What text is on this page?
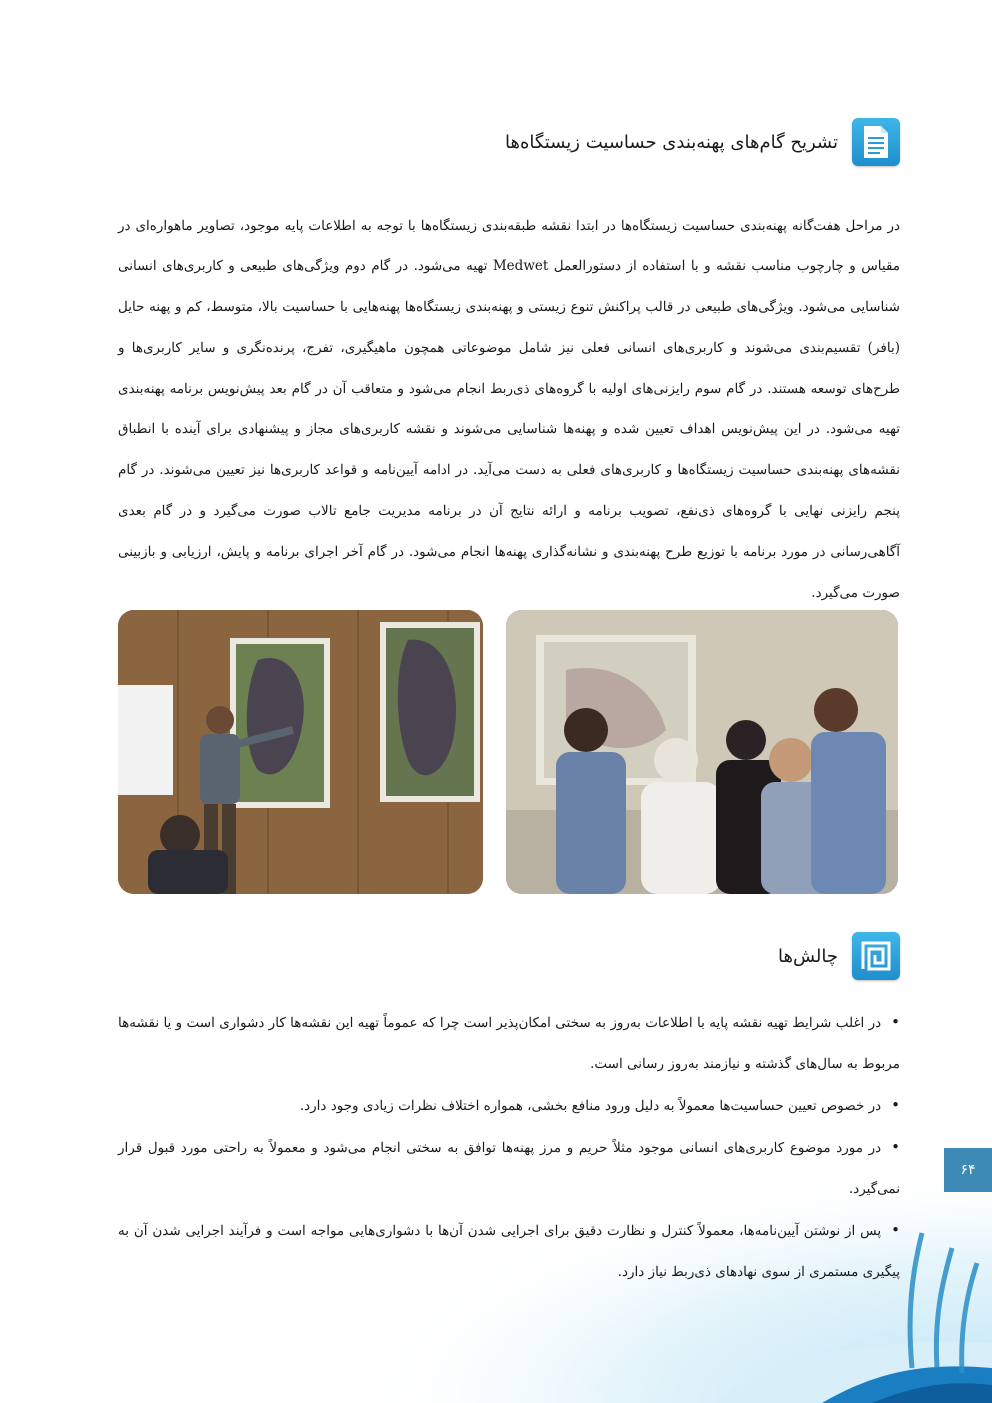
تشریح گام‌های پهنه‌بندی حساسیت زیستگاه‌ها

در مراحل هفت‌گانه پهنه‌بندی حساسیت زیستگاه‌ها در ابتدا نقشه طبقه‌بندی زیستگاه‌ها با توجه به اطلاعات پایه موجود، تصاویر ماهواره‌ای در مقیاس و چارچوب مناسب نقشه و با استفاده از دستورالعمل Medwet تهیه می‌شود. در گام دوم ویژگی‌های طبیعی و کاربری‌های انسانی شناسایی می‌شود. ویژگی‌های طبیعی در قالب پراکنش تنوع زیستی و پهنه‌بندی زیستگاه‌ها پهنه‌هایی با حساسیت بالا، متوسط، کم و پهنه حایل (بافر) تقسیم‌بندی می‌شوند و کاربری‌های انسانی فعلی نیز شامل موضوعاتی همچون ماهیگیری، تفرج، پرنده‌نگری و سایر کاربری‌ها و طرح‌های توسعه هستند. در گام سوم رایزنی‌های اولیه با گروه‌های ذی‌ربط انجام می‌شود و متعاقب آن در گام بعد پیش‌نویس برنامه پهنه‌بندی تهیه می‌شود. در این پیش‌نویس اهداف تعیین شده و پهنه‌ها شناسایی می‌شوند و نقشه کاربری‌های مجاز و پیشنهادی برای آینده با انطباق نقشه‌های پهنه‌بندی حساسیت زیستگاه‌ها و کاربری‌های فعلی به دست می‌آید. در ادامه آیین‌نامه و قواعد کاربری‌ها نیز تعیین می‌شوند. در گام پنجم رایزنی نهایی با گروه‌های ذی‌نفع، تصویب برنامه و ارائه نتایج آن در برنامه مدیریت جامع تالاب صورت می‌گیرد و در گام بعدی آگاهی‌رسانی در مورد برنامه با توزیع طرح پهنه‌بندی و نشانه‌گذاری پهنه‌ها انجام می‌شود. در گام آخر اجرای برنامه و پایش، ارزیابی و بازبینی صورت می‌گیرد.

چالش‌ها
• در اغلب شرایط تهیه نقشه پایه با اطلاعات به‌روز به سختی امکان‌پذیر است چرا که عموماً تهیه این نقشه‌ها کار دشواری است و یا نقشه‌ها مربوط به سال‌های گذشته و نیازمند به‌روز رسانی است.
• در خصوص تعیین حساسیت‌ها معمولاً به دلیل ورود منافع بخشی، همواره اختلاف نظرات زیادی وجود دارد.
• در مورد موضوع کاربری‌های انسانی موجود مثلاً حریم و مرز پهنه‌ها توافق به سختی انجام می‌شود و معمولاً به راحتی مورد قبول قرار نمی‌گیرد.
• پس از نوشتن آیین‌نامه‌ها، معمولاً کنترل و نظارت دقیق برای اجرایی شدن آن‌ها با دشواری‌هایی مواجه است و فرآیند اجرایی شدن آن به پیگیری مستمری از سوی نهادهای ذی‌ربط نیاز دارد.
۶۴
